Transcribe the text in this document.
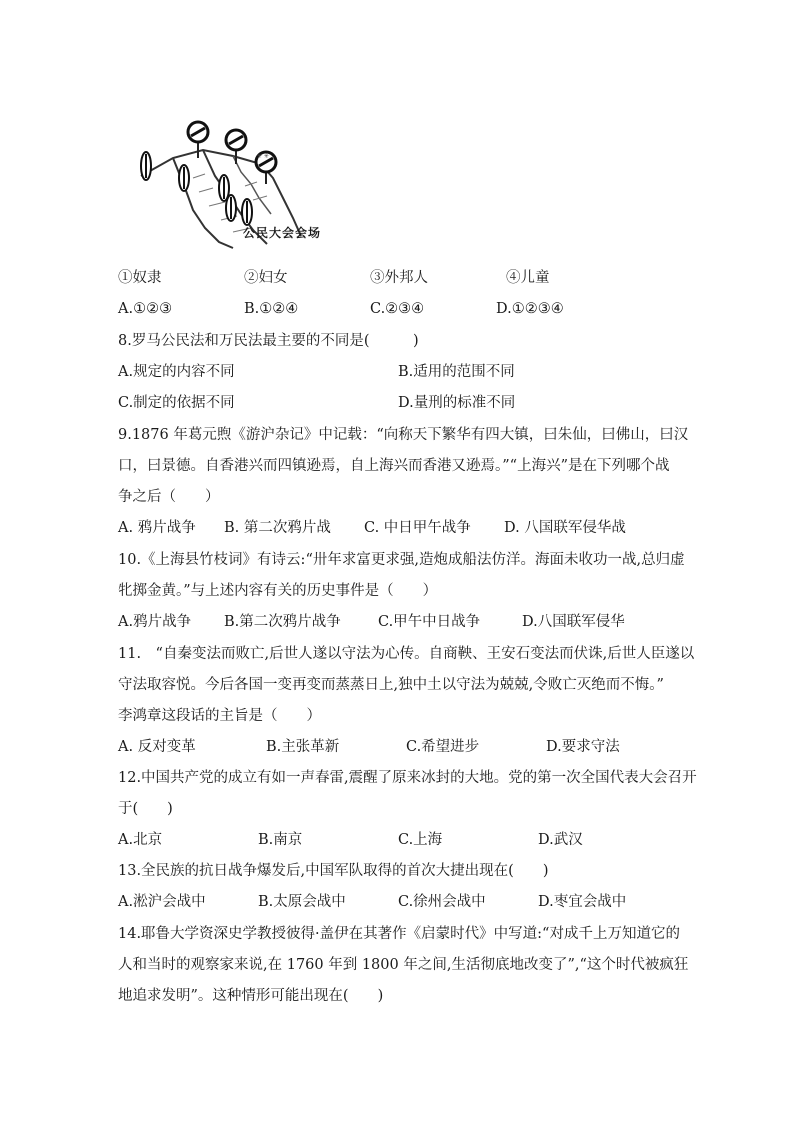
✳ ✳
公民大会会场
①奴隶	②妇女	③外邦人	④儿童
A.①②③	B.①②④	C.②③④	D.①②③④
8.罗马公民法和万民法最主要的不同是(　　　)
A.规定的内容不同	B.适用的范围不同
C.制定的依据不同	D.量刑的标准不同
9.1876 年葛元煦《游沪杂记》中记载：“向称天下繁华有四大镇，曰朱仙，曰佛山，曰汉
口，曰景德。自香港兴而四镇逊焉，自上海兴而香港又逊焉。”“上海兴”是在下列哪个战
争之后（　　）
A. 鸦片战争 B. 第二次鸦片战 C. 中日甲午战争 D. 八国联军侵华战
10.《上海县竹枝词》有诗云:“卅年求富更求强,造炮成船法仿洋。海面未收功一战,总归虚
牝掷金黄。”与上述内容有关的历史事件是（　　）
A.鸦片战争 B.第二次鸦片战争	C.甲午中日战争	D.八国联军侵华
11.　“自秦变法而败亡,后世人遂以守法为心传。自商鞅、王安石变法而伏诛,后世人臣遂以
守法取容悦。今后各国一变再变而蒸蒸日上,独中土以守法为兢兢,令败亡灭绝而不悔。”
李鸿章这段话的主旨是（　　）
A. 反对变革	B.主张革新	C.希望进步	D.要求守法
12.中国共产党的成立有如一声春雷,震醒了原来冰封的大地。党的第一次全国代表大会召开
于(　　)
A.北京	B.南京	C.上海	D.武汉
13.全民族的抗日战争爆发后,中国军队取得的首次大捷出现在(　　)
A.淞沪会战中	B.太原会战中	C.徐州会战中	D.枣宜会战中
14.耶鲁大学资深史学教授彼得·盖伊在其著作《启蒙时代》中写道:“对成千上万知道它的
人和当时的观察家来说,在 1760 年到 1800 年之间,生活彻底地改变了”,“这个时代被疯狂
地追求发明”。这种情形可能出现在(　　)
